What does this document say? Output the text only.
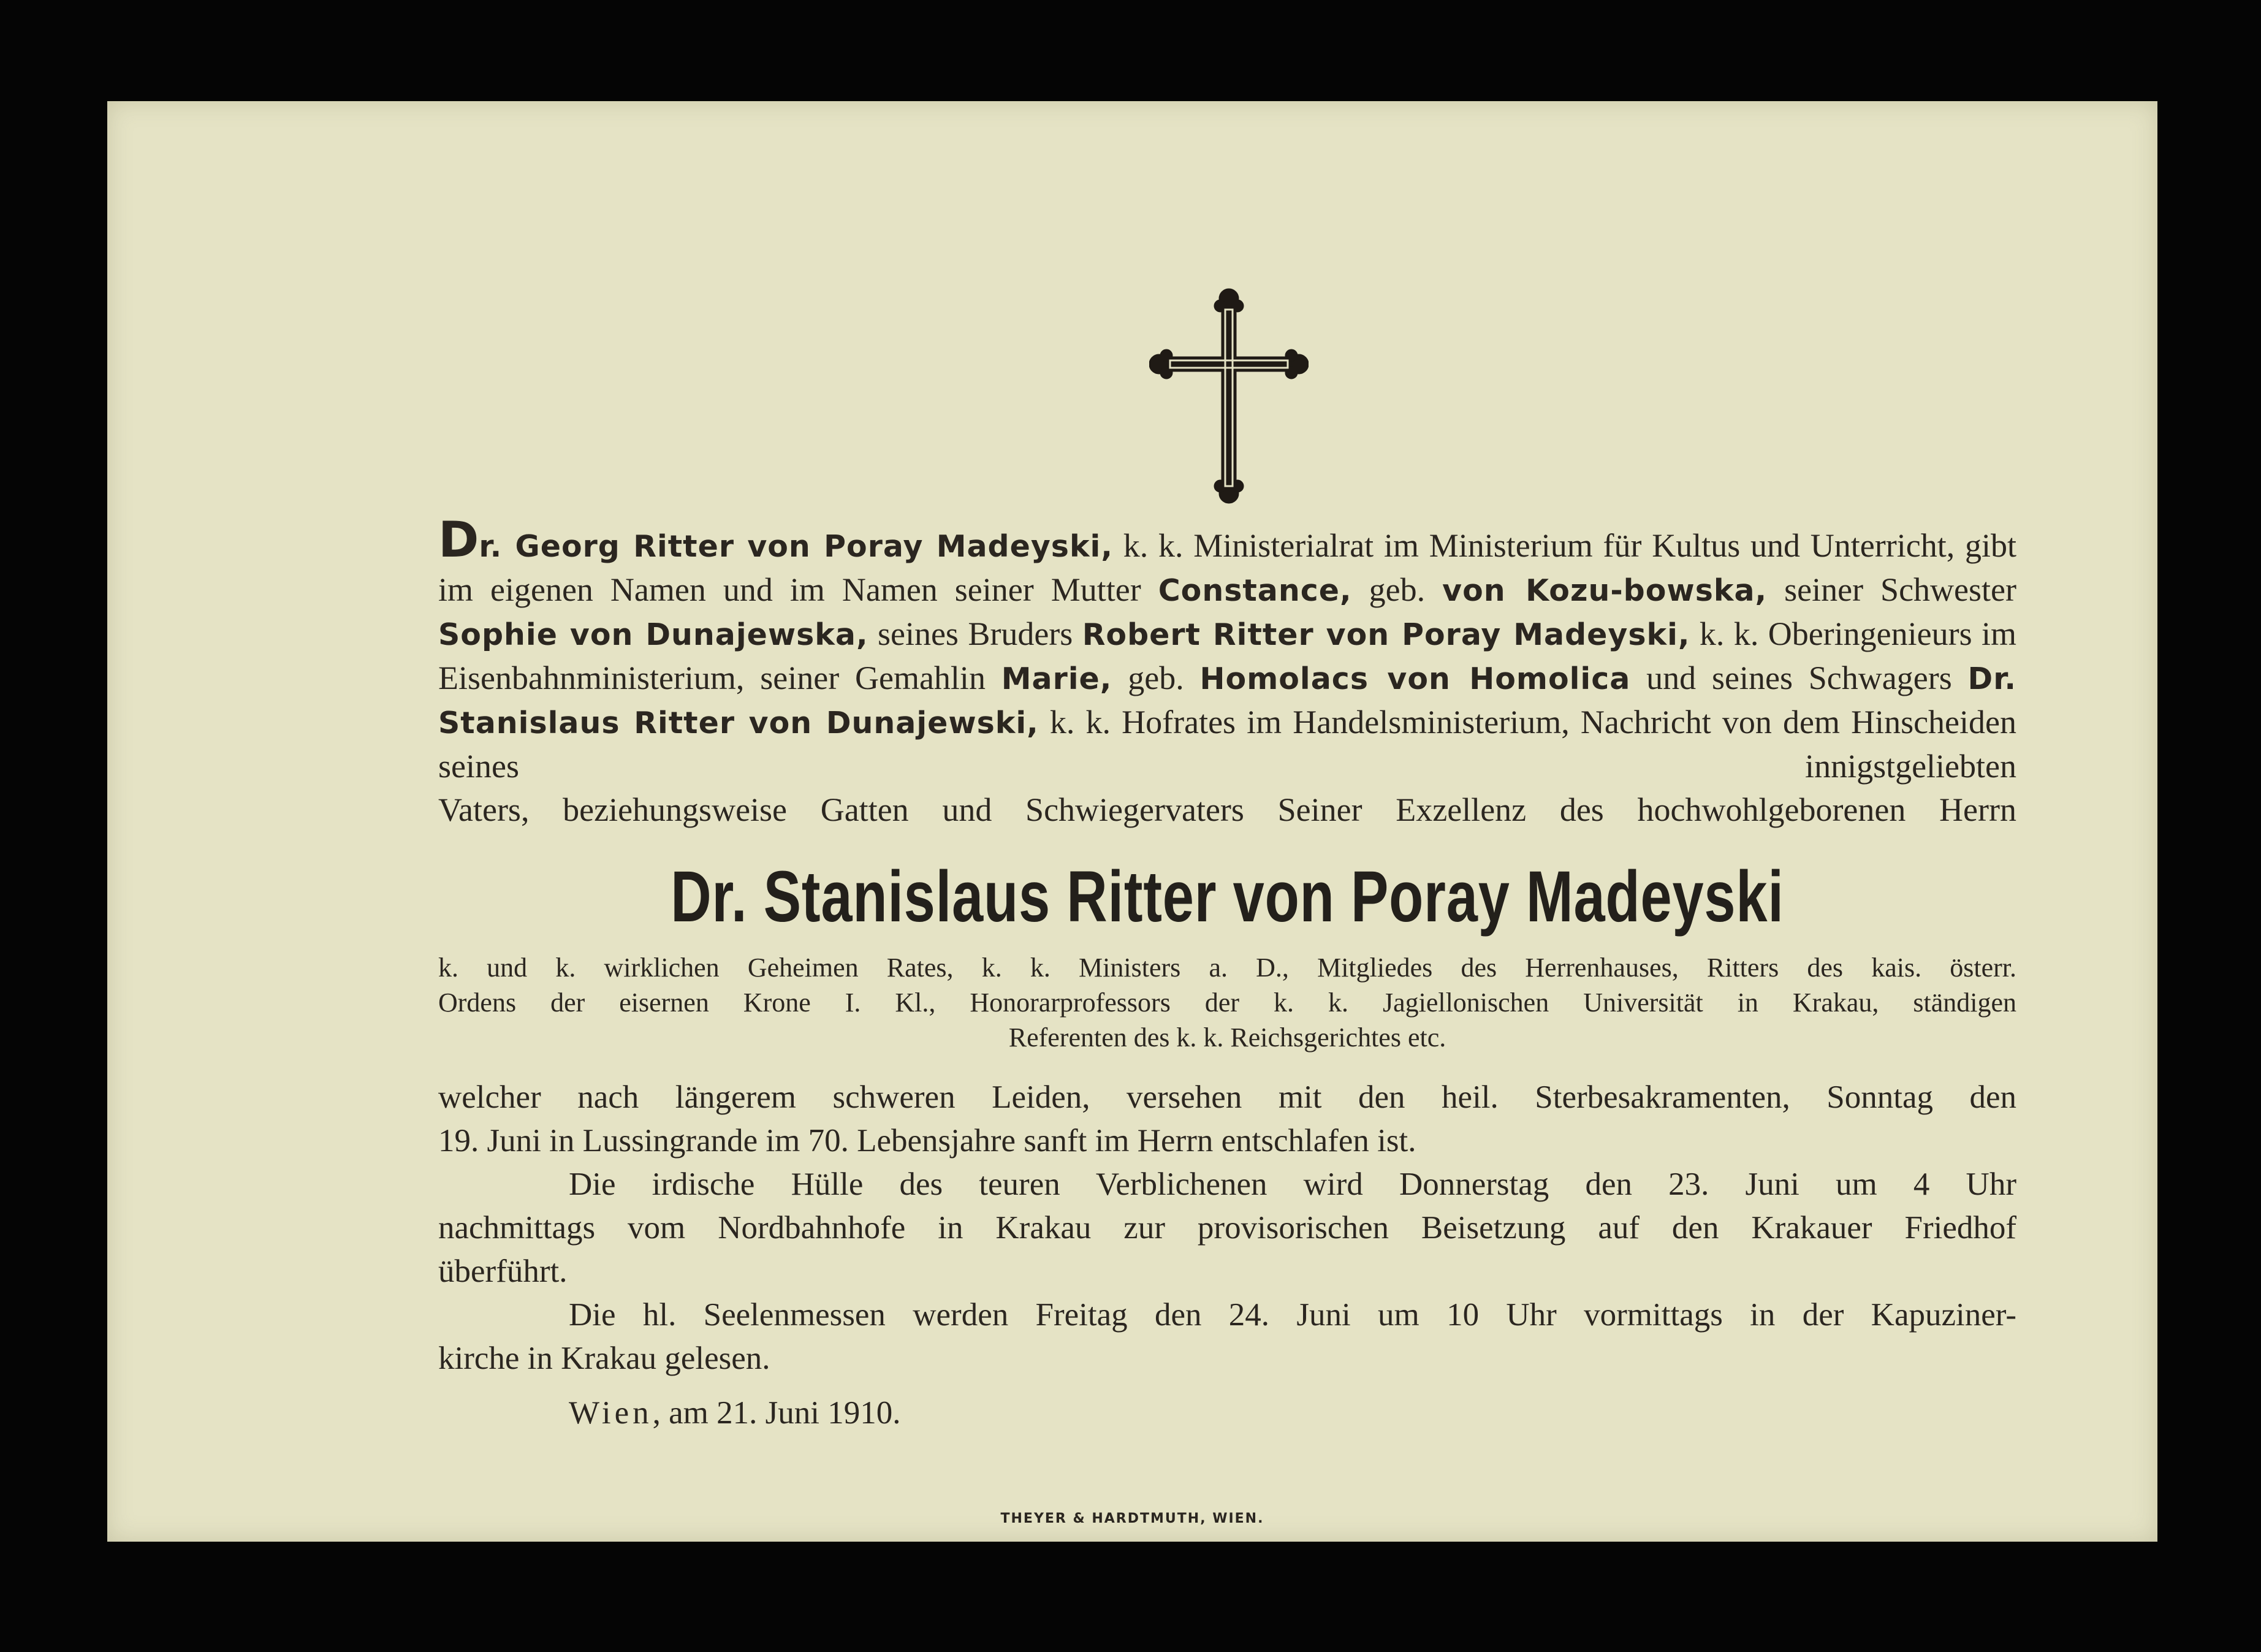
Dr. Georg Ritter von Poray Madeyski, k. k. Ministerialrat im Ministerium für Kultus und Unterricht, gibt im eigenen Namen und im Namen seiner Mutter Constance, geb. von Kozu-bowska, seiner Schwester Sophie von Dunajewska, seines Bruders Robert Ritter von Poray Madeyski, k. k. Oberingenieurs im Eisenbahnministerium, seiner Gemahlin Marie, geb. Homolacs von Homolica und seines Schwagers Dr. Stanislaus Ritter von Dunajewski, k. k. Hofrates im Handelsministerium, Nachricht von dem Hinscheiden seines innigstgeliebten
Vaters, beziehungsweise Gatten und Schwiegervaters Seiner Exzellenz des hochwohlgeborenen Herrn
Dr. Stanislaus Ritter von Poray Madeyski
k. und k. wirklichen Geheimen Rates, k. k. Ministers a. D., Mitgliedes des Herrenhauses, Ritters des kais. österr.
Ordens der eisernen Krone I. Kl., Honorarprofessors der k. k. Jagiellonischen Universität in Krakau, ständigen
Referenten des k. k. Reichsgerichtes etc.

welcher nach längerem schweren Leiden, versehen mit den heil. Sterbesakramenten, Sonntag den
19. Juni in Lussingrande im 70. Lebensjahre sanft im Herrn entschlafen ist.

Die irdische Hülle des teuren Verblichenen wird Donnerstag den 23. Juni um 4 Uhr
nachmittags vom Nordbahnhofe in Krakau zur provisorischen Beisetzung auf den Krakauer Friedhof
überführt.

Die hl. Seelenmessen werden Freitag den 24. Juni um 10 Uhr vormittags in der Kapuziner-
kirche in Krakau gelesen.

Wien, am 21. Juni 1910.
THEYER & HARDTMUTH, WIEN.
